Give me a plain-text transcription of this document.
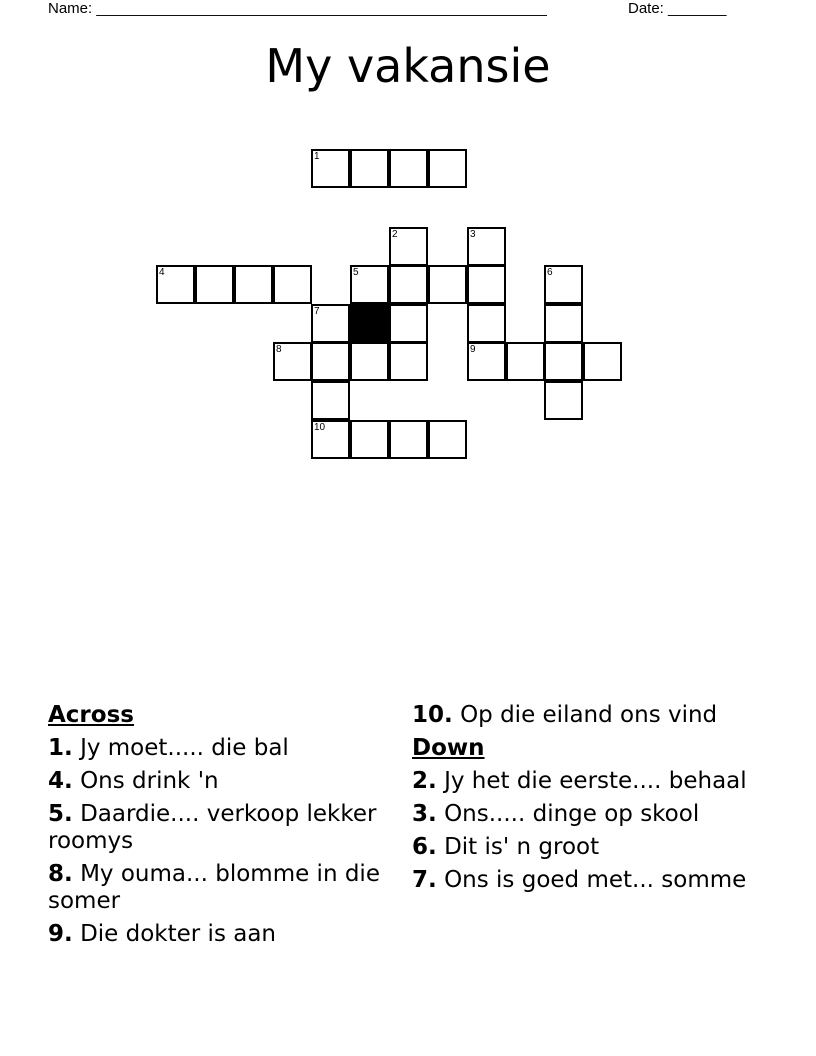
Name: ______________________________________________________	Date: _______
My vakansie
1
2	3
4	5	6
7
8	9
10
Across
1. Jy moet..... die bal
4. Ons drink 'n
5. Daardie.... verkoop lekker roomys
8. My ouma... blomme in die somer
9. Die dokter is aan
10. Op die eiland ons vind
Down
2. Jy het die eerste.... behaal
3. Ons..... dinge op skool
6. Dit is' n groot
7. Ons is goed met... somme
